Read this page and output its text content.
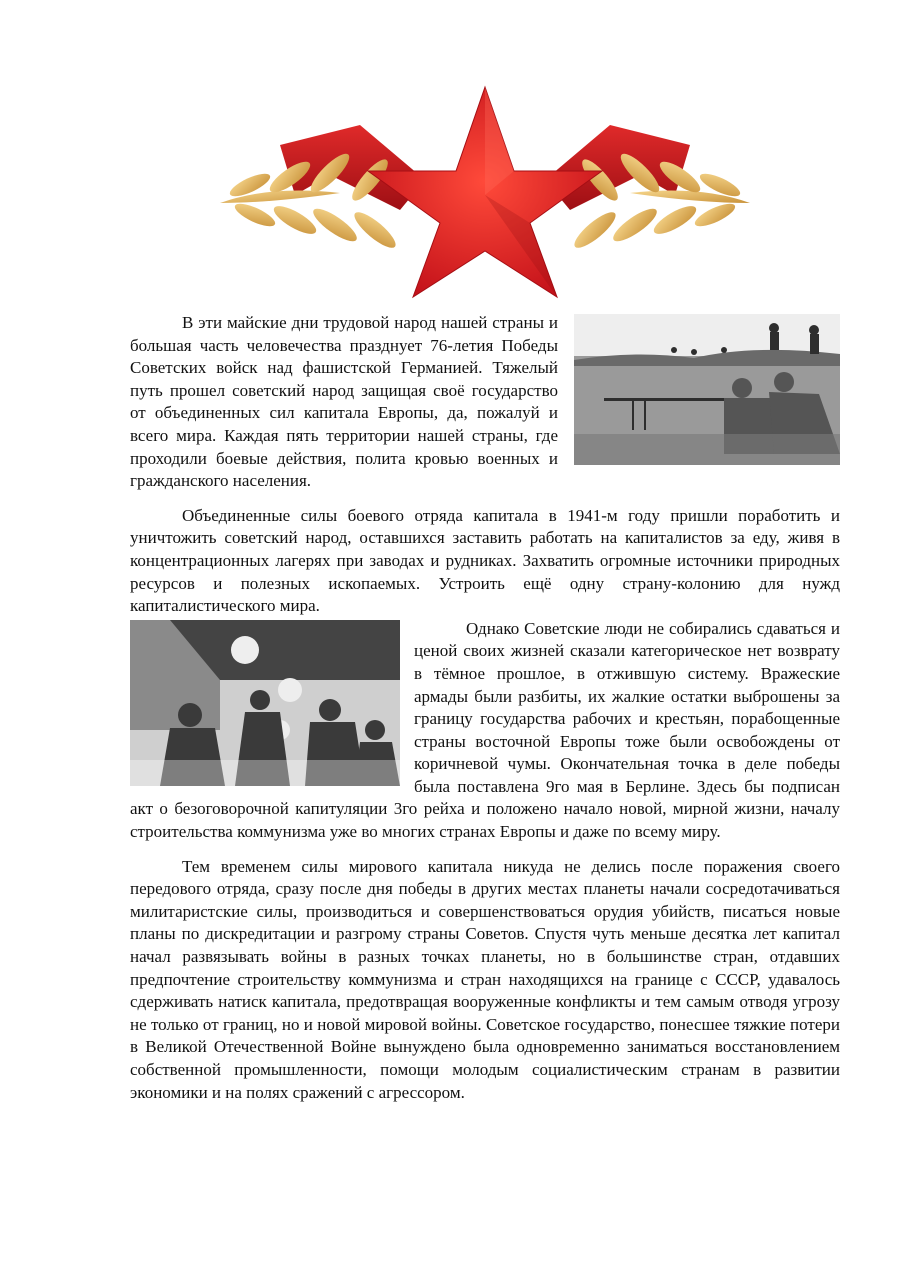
В эти майские дни трудовой народ нашей страны и большая часть человечества празднует 76-летия Победы Советских войск над фашистской Германией. Тяжелый путь прошел советский народ защищая своё государство от объединенных сил капитала Европы, да, пожалуй и всего мира. Каждая пять территории нашей страны, где проходили боевые действия, полита кровью военных и гражданского населения.

Объединенные силы боевого отряда капитала в 1941-м году пришли поработить и уничтожить советский народ, оставшихся заставить работать на капиталистов за еду, живя в концентрационных лагерях при заводах и рудниках. Захватить огромные источники природных ресурсов и полезных ископаемых. Устроить ещё одну страну-колонию для нужд капиталистического мира.

Однако Советские люди не собирались сдаваться и ценой своих жизней сказали категорическое нет возврату в тёмное прошлое, в отжившую систему. Вражеские армады были разбиты, их жалкие остатки выброшены за границу государства рабочих и крестьян, порабощенные страны восточной Европы тоже были освобождены от коричневой чумы. Окончательная точка в деле победы была поставлена 9го мая в Берлине. Здесь бы подписан акт о безоговорочной капитуляции 3го рейха и положено начало новой, мирной жизни, началу строительства коммунизма уже во многих странах Европы и даже по всему миру.

Тем временем силы мирового капитала никуда не делись после поражения своего передового отряда, сразу после дня победы в других местах планеты начали сосредотачиваться милитаристские силы, производиться и совершенствоваться орудия убийств, писаться новые планы по дискредитации и разгрому страны Советов. Спустя чуть меньше десятка лет капитал начал развязывать войны в разных точках планеты, но в большинстве стран, отдавших предпочтение строительству коммунизма и стран находящихся на границе с СССР, удавалось сдерживать натиск капитала, предотвращая вооруженные конфликты и тем самым отводя угрозу не только от границ, но и новой мировой войны. Советское государство, понесшее тяжкие потери в Великой Отечественной Войне вынуждено была одновременно заниматься восстановлением собственной промышленности, помощи молодым социалистическим странам в развитии экономики и на полях сражений с агрессором.
